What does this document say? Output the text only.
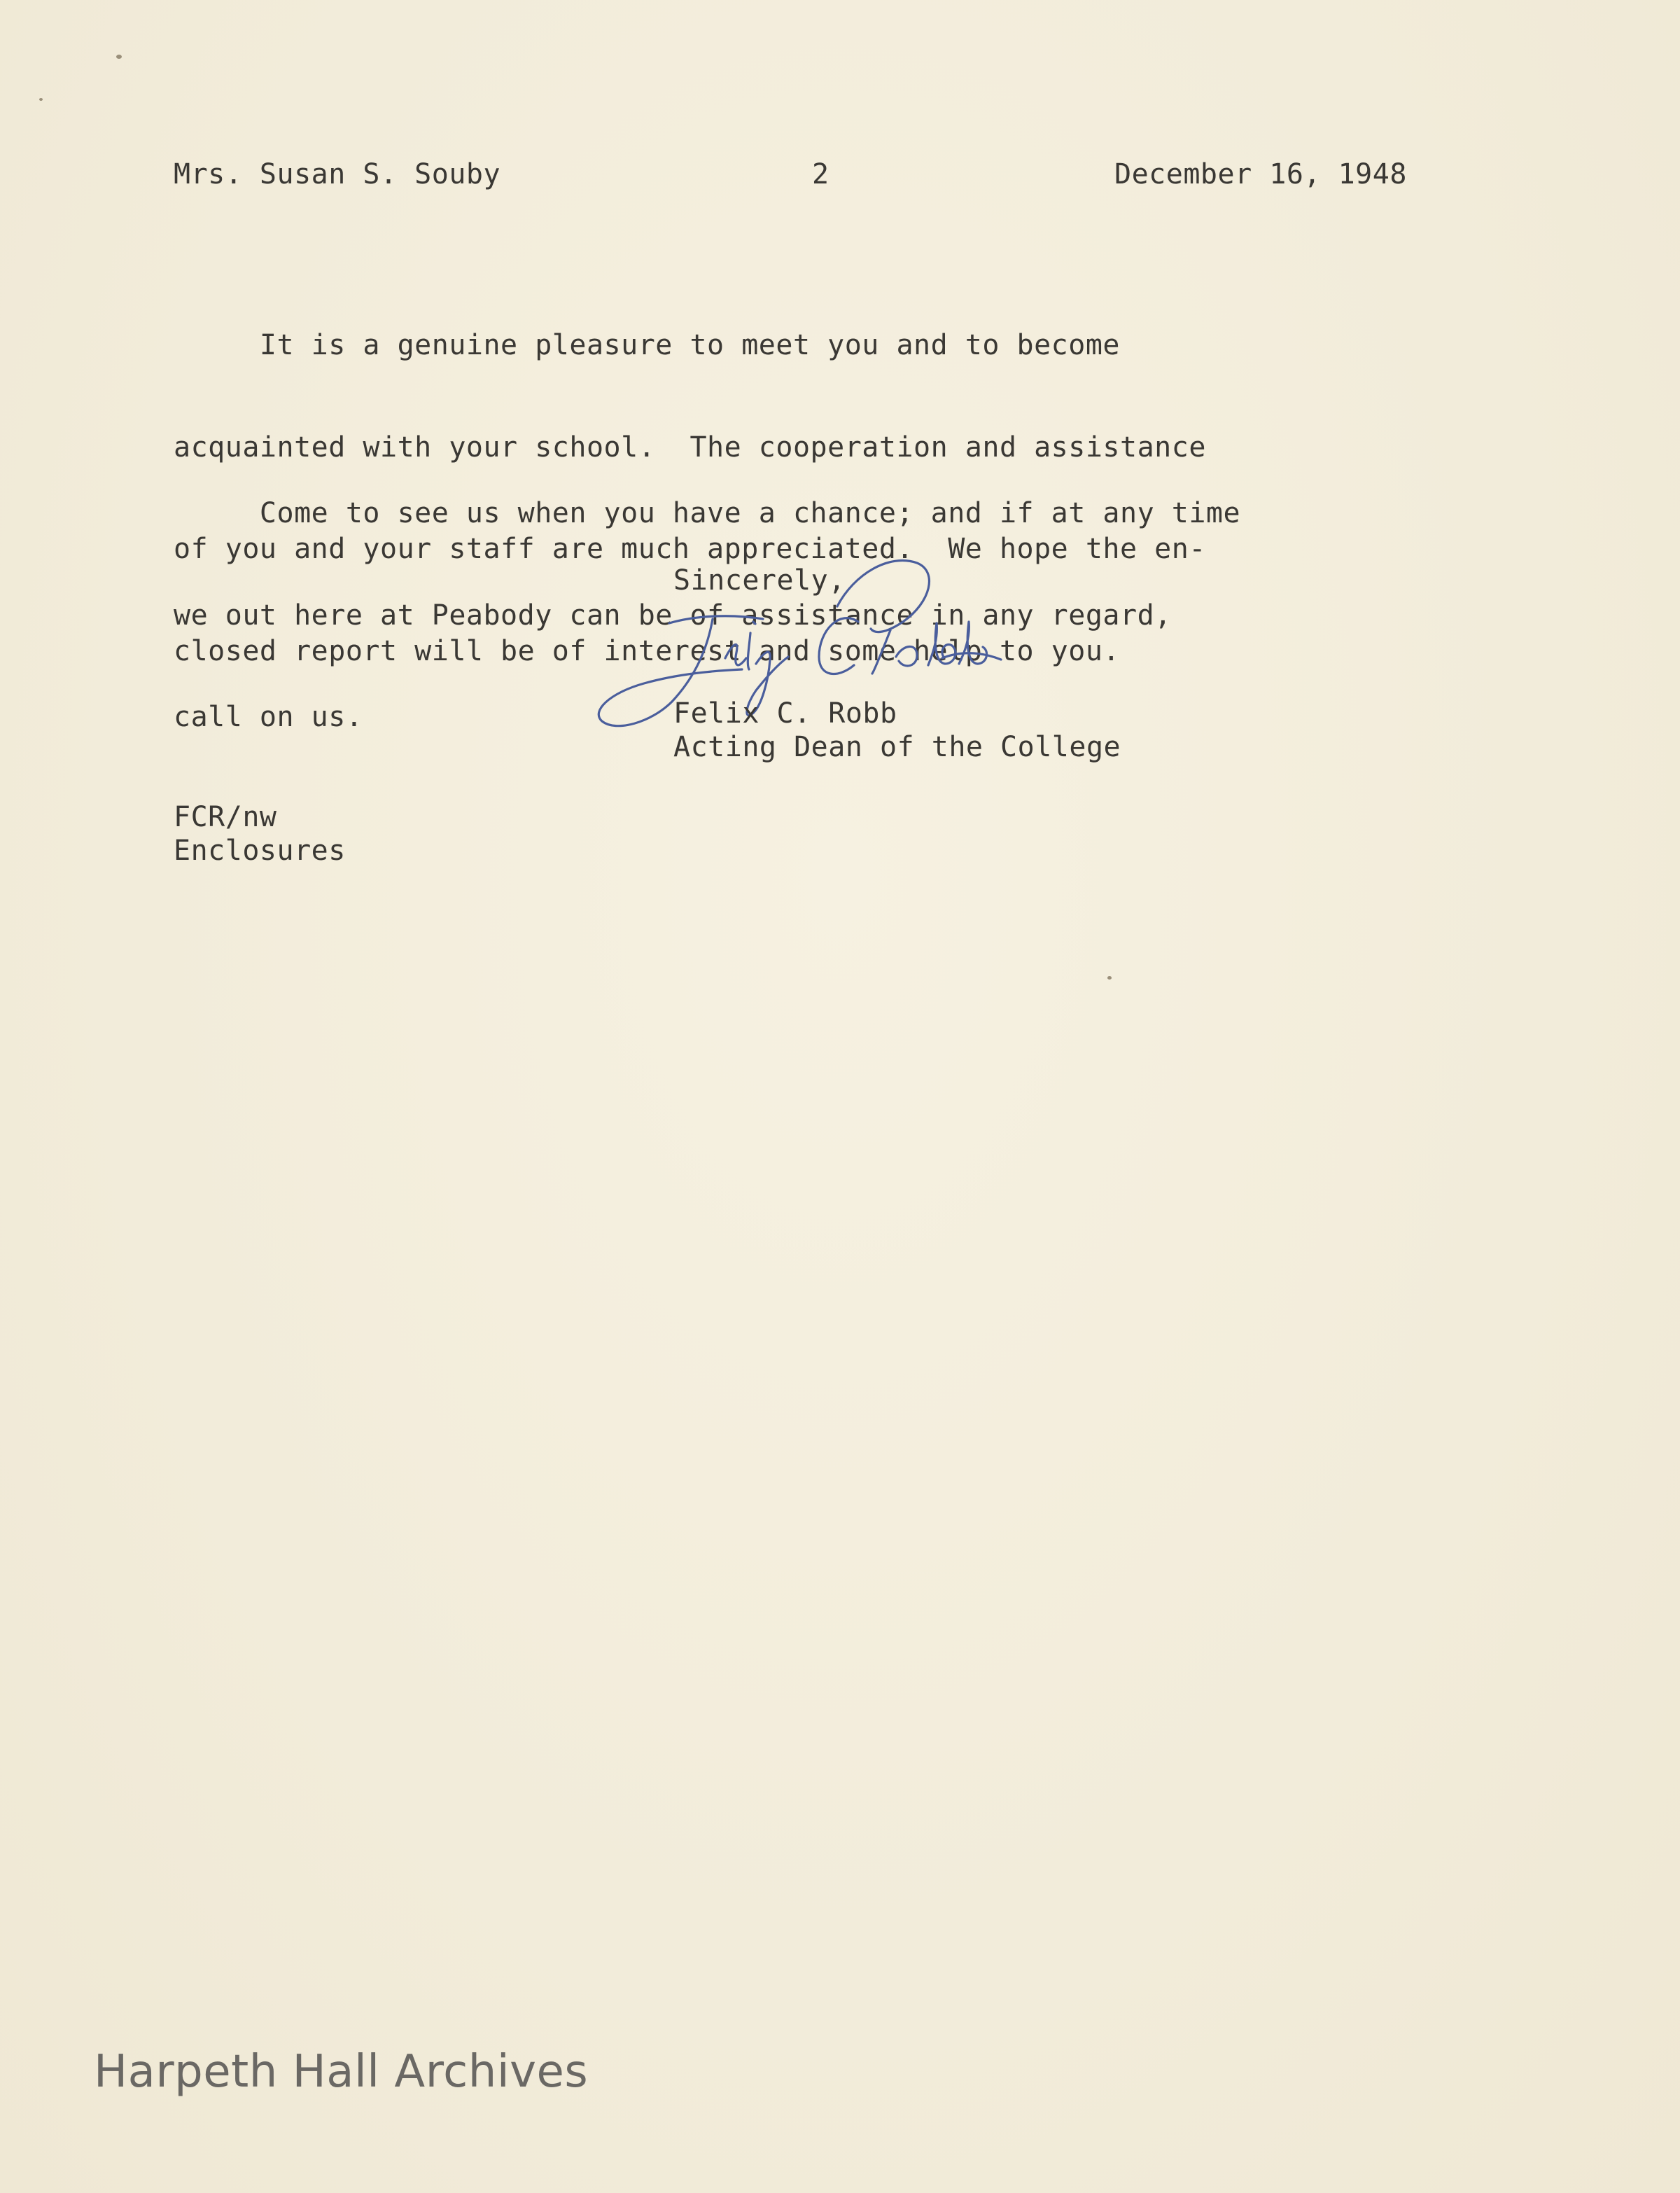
Mrs. Susan S. Souby	2	December 16, 1948

It is a genuine pleasure to meet you and to become

acquainted with your school.  The cooperation and assistance

of you and your staff are much appreciated.  We hope the en-

closed report will be of interest and some help to you.

Come to see us when you have a chance; and if at any time

we out here at Peabody can be of assistance in any regard,

call on us.

Sincerely,
Felix C. Robb
Acting Dean of the College
FCR/nw
Enclosures
Harpeth Hall Archives
